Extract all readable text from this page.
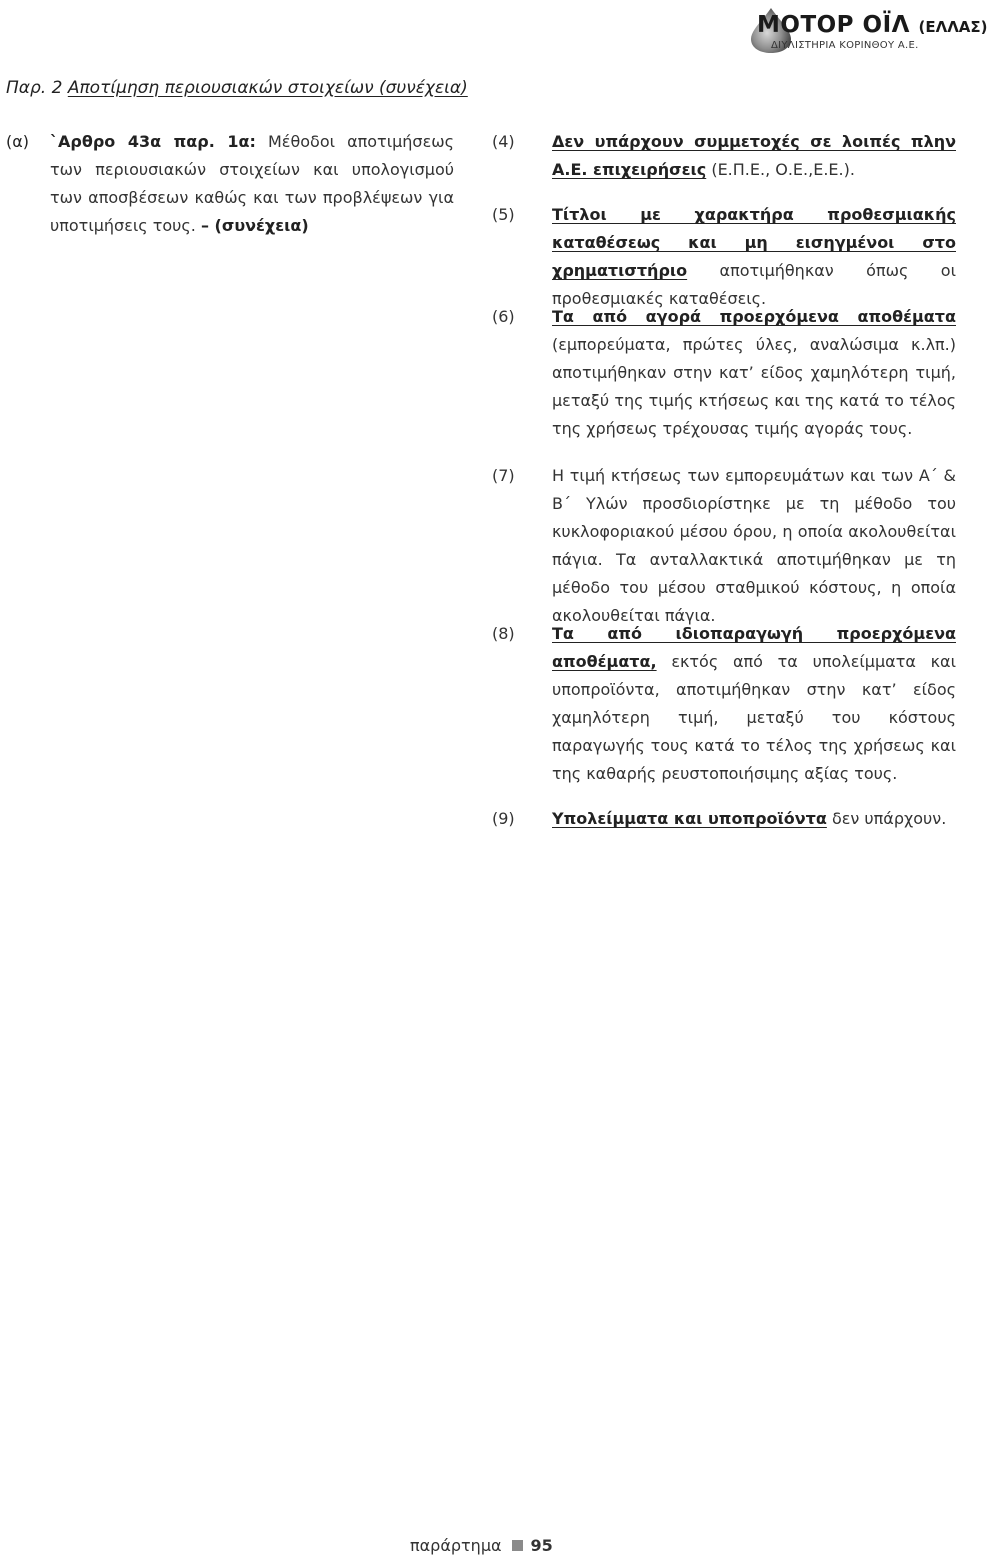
ΜΟΤΟΡ ΟΪΛ (ΕΛΛΑΣ)
ΔΙΥΛΙΣΤΗΡΙΑ ΚΟΡΙΝΘΟΥ Α.Ε.
Παρ. 2 Αποτίμηση περιουσιακών στοιχείων (συνέχεια)
(α) `Αρθρο 43α παρ. 1α: Μέθοδοι αποτιμήσεως των περιουσιακών στοιχείων και υπολογισμού των αποσβέσεων καθώς και των προβλέψεων για υποτιμήσεις τους. – (συνέχεια)
(4) Δεν υπάρχουν συμμετοχές σε λοιπές πλην Α.Ε. επιχειρήσεις (Ε.Π.Ε., Ο.Ε.,Ε.Ε.).
(5) Τίτλοι με χαρακτήρα προθεσμιακής καταθέσεως και μη εισηγμένοι στο χρηματιστήριο αποτιμήθηκαν όπως οι προθεσμιακές καταθέσεις.
(6) Τα από αγορά προερχόμενα αποθέματα (εμπορεύματα, πρώτες ύλες, αναλώσιμα κ.λπ.) αποτιμήθηκαν στην κατ’ είδος χαμηλότερη τιμή, μεταξύ της τιμής κτήσεως και της κατά το τέλος της χρήσεως τρέχουσας τιμής αγοράς τους.
(7) Η τιμή κτήσεως των εμπορευμάτων και των Α΄ & Β΄ Υλών προσδιορίστηκε με τη μέθοδο του κυκλοφοριακού μέσου όρου, η οποία ακολουθείται πάγια. Τα ανταλλακτικά αποτιμήθηκαν με τη μέθοδο του μέσου σταθμικού κόστους, η οποία ακολουθείται πάγια.
(8) Τα από ιδιοπαραγωγή προερχόμενα αποθέματα, εκτός από τα υπολείμματα και υποπροϊόντα, αποτιμήθηκαν στην κατ’ είδος χαμηλότερη τιμή, μεταξύ του κόστους παραγωγής τους κατά το τέλος της χρήσεως και της καθαρής ρευστοποιήσιμης αξίας τους.
(9) Υπολείμματα και υποπροϊόντα δεν υπάρχουν.
παράρτημα 95
